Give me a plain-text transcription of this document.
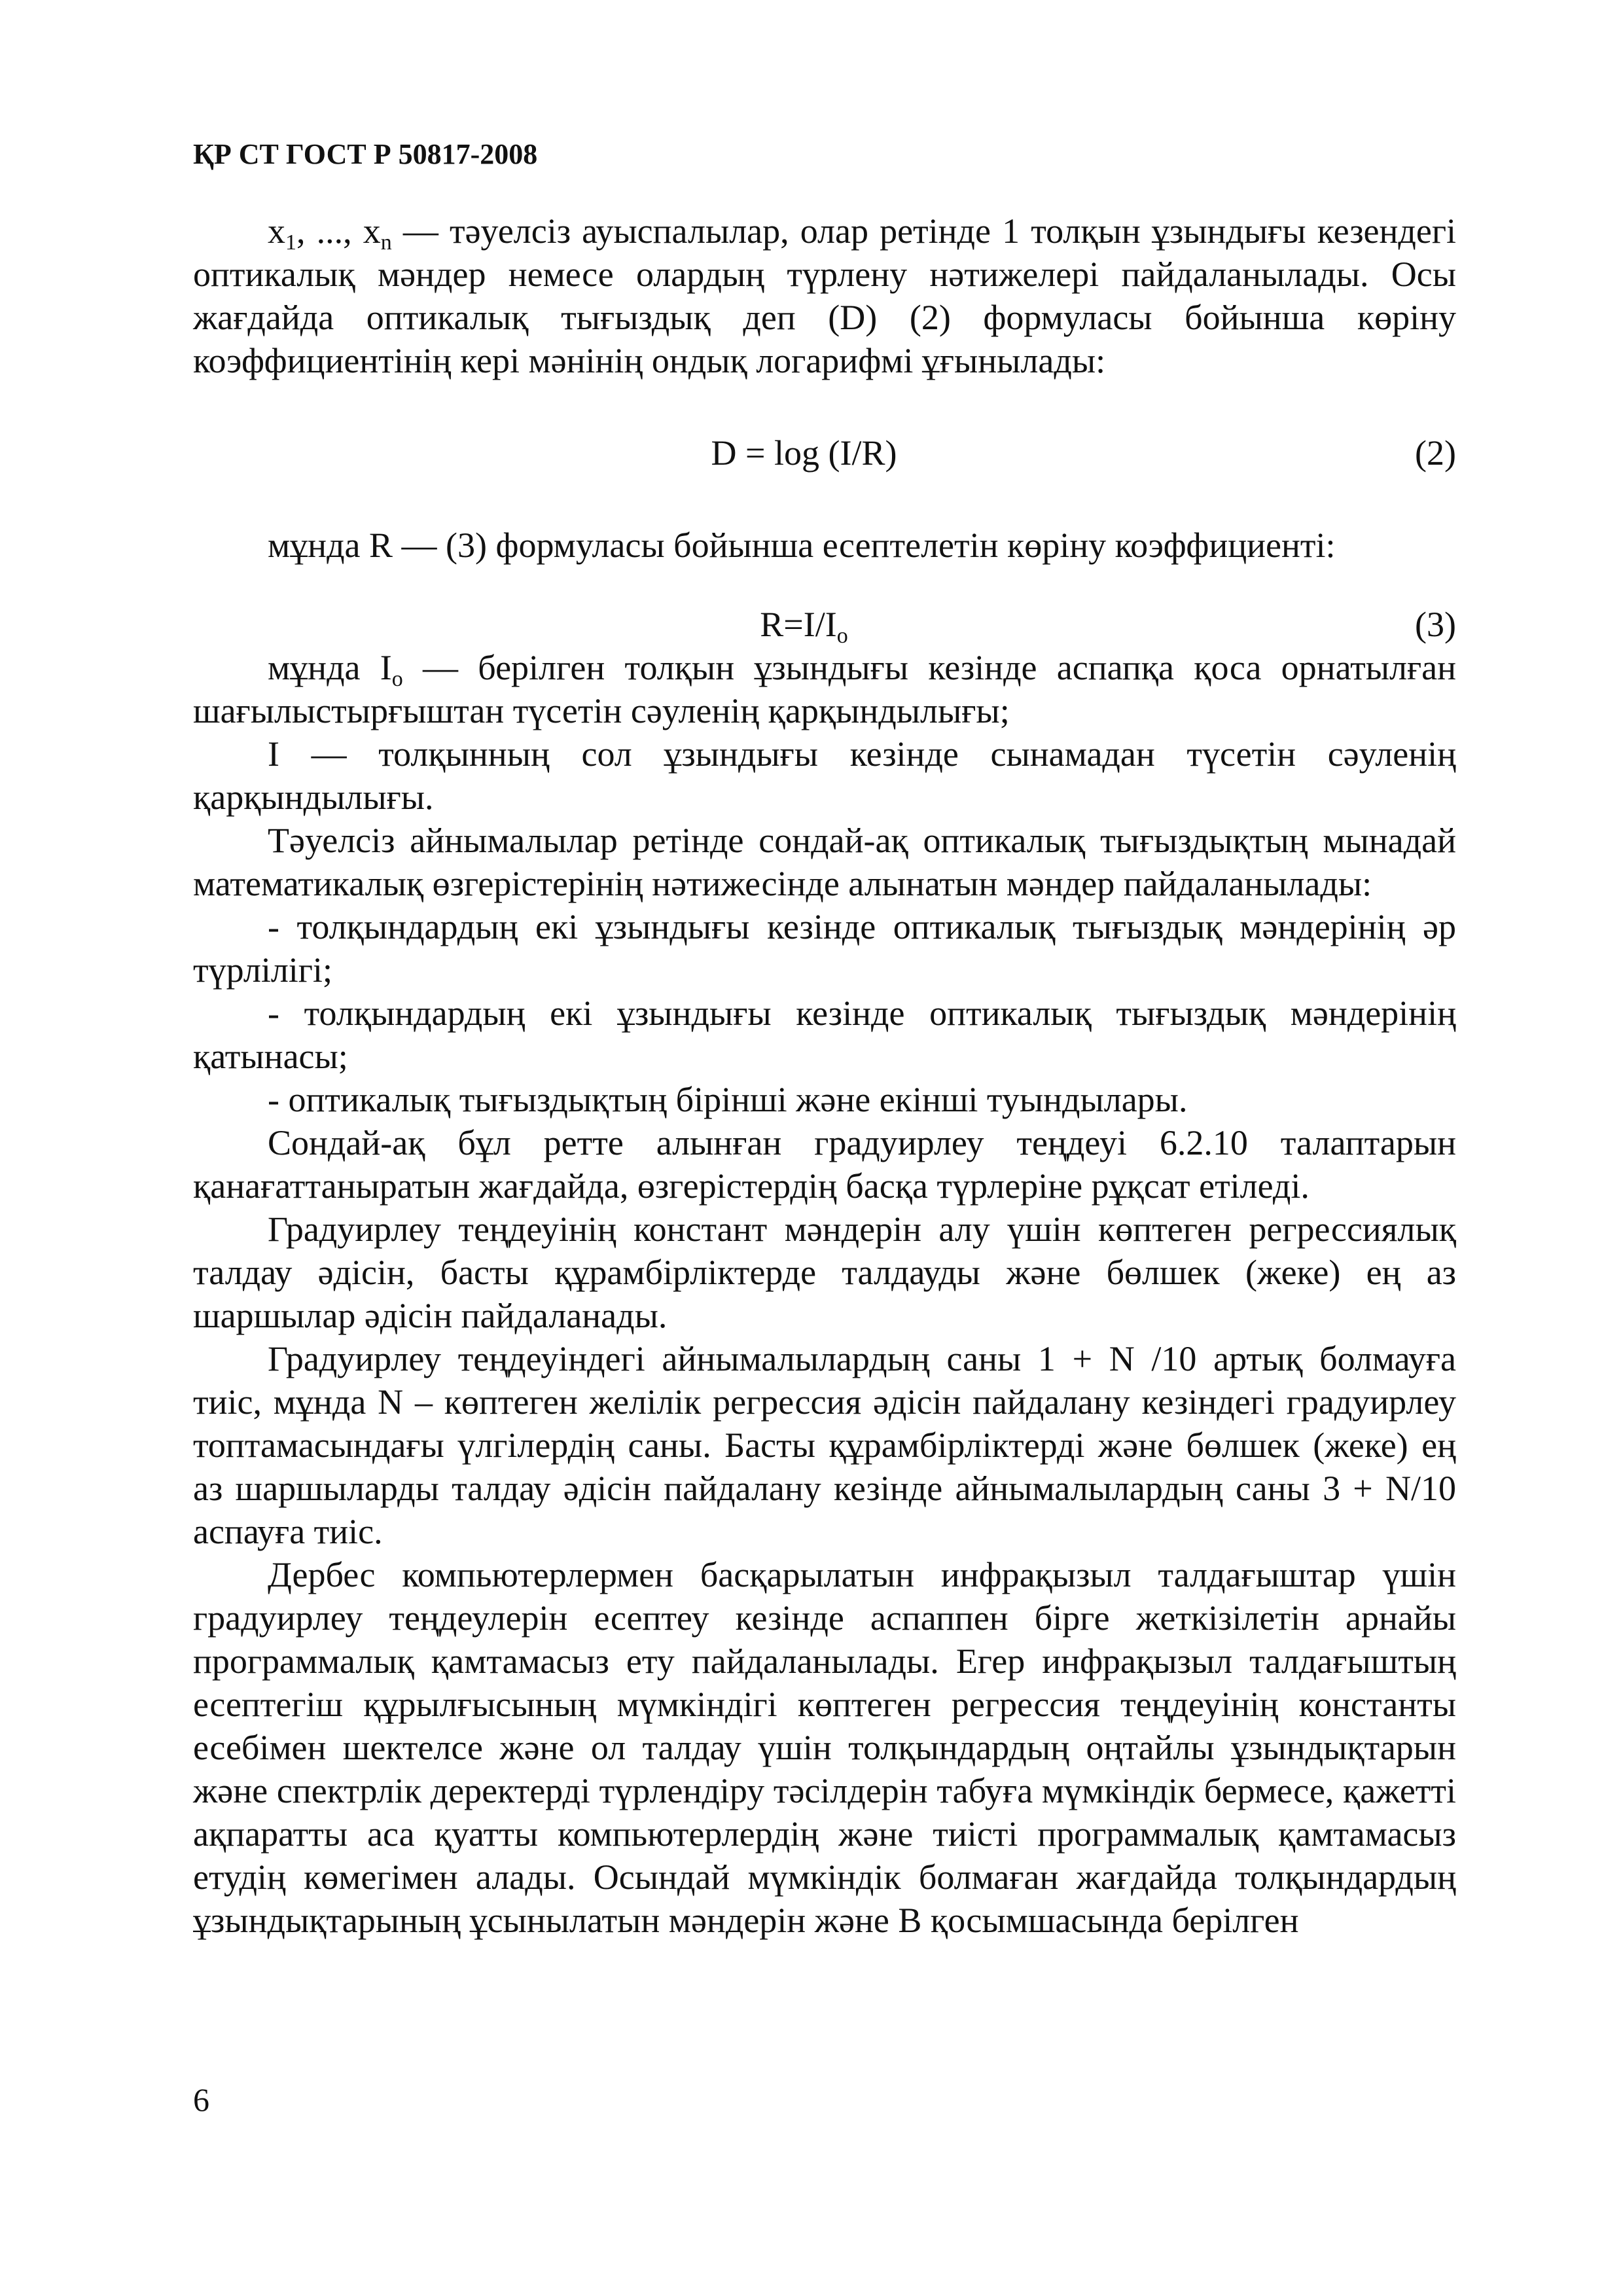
ҚР СТ ГОСТ Р 50817-2008

$x_1$, ..., $x_n$ — тәуелсіз ауыспалылар, олар ретінде 1 толқын ұзындығы кезендегі оптикалық мәндер немесе олардың түрлену нәтижелері пайдаланылады. Осы жағдайда оптикалық тығыздық деп (D) (2) формуласы бойынша көріну коэффициентінің кері мәнінің ондық логарифмі ұғынылады:

D = log (I/R)	(2)

мұнда R — (3) формуласы бойынша есептелетін көріну коэффициенті:

$R=I/I_o$	(3)

мұнда $I_o$ — берілген толқын ұзындығы кезінде аспапқа қоса орнатылған шағылыстырғыштан түсетін сәуленің қарқындылығы;

I — толқынның сол ұзындығы кезінде сынамадан түсетін сәуленің қарқындылығы.

Тәуелсіз айнымалылар ретінде сондай-ақ оптикалық тығыздықтың мынадай математикалық өзгерістерінің нәтижесінде алынатын мәндер пайдаланылады:

- толқындардың екі ұзындығы кезінде оптикалық тығыздық мәндерінің әр түрлілігі;

- толқындардың екі ұзындығы кезінде оптикалық тығыздық мәндерінің қатынасы;

- оптикалық тығыздықтың бірінші және екінші туындылары.

Сондай-ақ бұл ретте алынған градуирлеу теңдеуі 6.2.10 талаптарын қанағаттаныратын жағдайда, өзгерістердің басқа түрлеріне рұқсат етіледі.

Градуирлеу теңдеуінің констант мәндерін алу үшін көптеген регрессиялық талдау әдісін, басты құрамбірліктерде талдауды және бөлшек (жеке) ең аз шаршылар әдісін пайдаланады.

Градуирлеу теңдеуіндегі айнымалылардың саны 1 + N /10 артық болмауға тиіс, мұнда N – көптеген желілік регрессия әдісін пайдалану кезіндегі градуирлеу топтамасындағы үлгілердің саны. Басты құрамбірліктерді және бөлшек (жеке) ең аз шаршыларды талдау әдісін пайдалану кезінде айнымалылардың саны 3 + N/10 аспауға тиіс.

Дербес компьютерлермен басқарылатын инфрақызыл талдағыштар үшін градуирлеу теңдеулерін есептеу кезінде аспаппен бірге жеткізілетін арнайы программалық қамтамасыз ету пайдаланылады. Егер инфрақызыл талдағыштың есептегіш құрылғысының мүмкіндігі көптеген регрессия теңдеуінің константы есебімен шектелсе және ол талдау үшін толқындардың оңтайлы ұзындықтарын және спектрлік деректерді түрлендіру тәсілдерін табуға мүмкіндік бермесе, қажетті ақпаратты аса қуатты компьютерлердің және тиісті программалық қамтамасыз етудің көмегімен алады. Осындай мүмкіндік болмаған жағдайда толқындардың ұзындықтарының ұсынылатын мәндерін және В қосымшасында берілген

6
